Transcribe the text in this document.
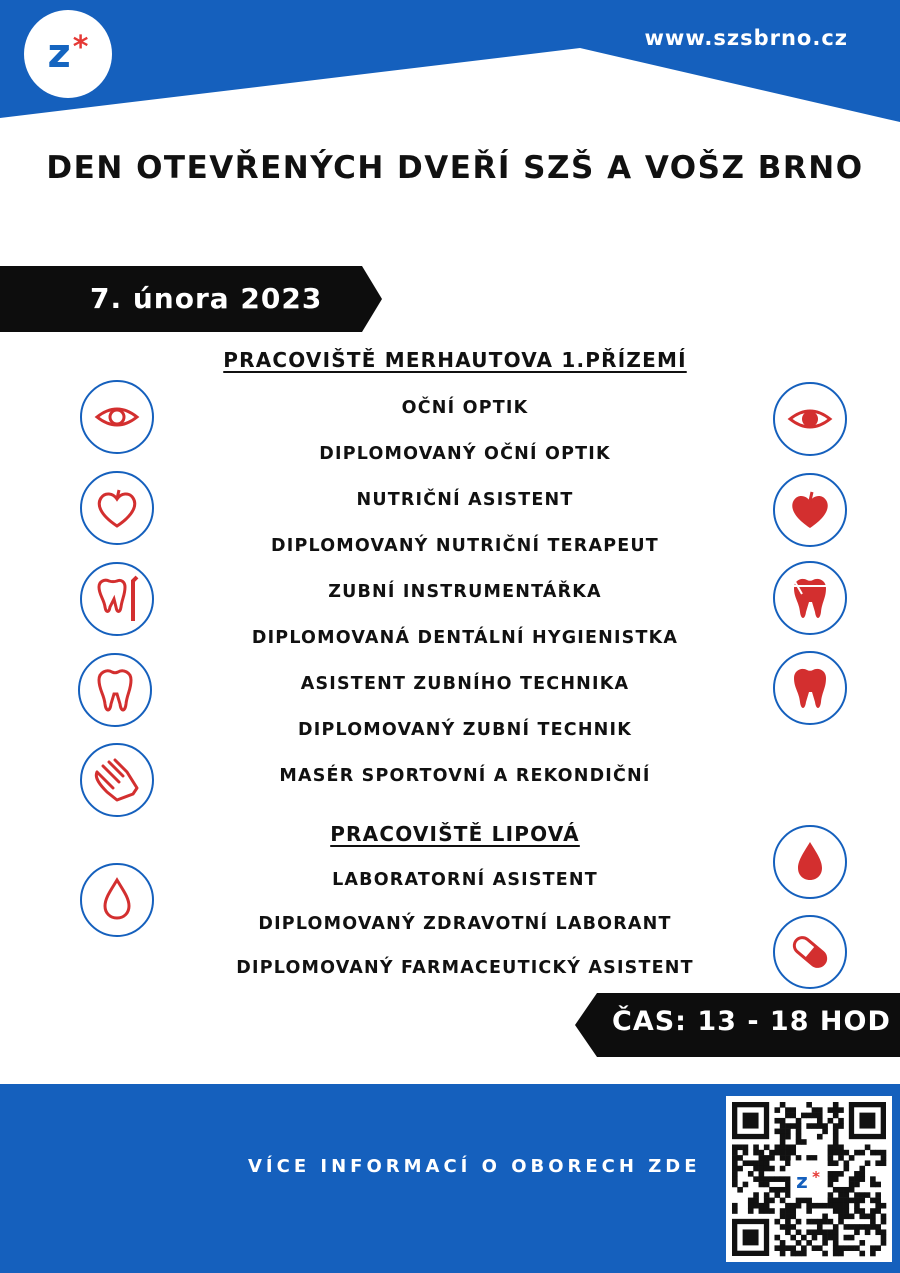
z *	www.szsbrno.cz
DEN OTEVŘENÝCH DVEŘÍ SZŠ A VOŠZ BRNO
7. února 2023
PRACOVIŠTĚ MERHAUTOVA 1.PŘÍZEMÍ
OČNÍ OPTIK
DIPLOMOVANÝ OČNÍ OPTIK
NUTRIČNÍ ASISTENT
DIPLOMOVANÝ NUTRIČNÍ TERAPEUT
ZUBNÍ INSTRUMENTÁŘKA
DIPLOMOVANÁ DENTÁLNÍ HYGIENISTKA
ASISTENT ZUBNÍHO TECHNIKA
DIPLOMOVANÝ ZUBNÍ TECHNIK
MASÉR SPORTOVNÍ A REKONDIČNÍ
PRACOVIŠTĚ LIPOVÁ
LABORATORNÍ ASISTENT
DIPLOMOVANÝ ZDRAVOTNÍ LABORANT
DIPLOMOVANÝ FARMACEUTICKÝ ASISTENT
ČAS: 13 - 18 HOD
VÍCE INFORMACÍ O OBORECH ZDE
z *
